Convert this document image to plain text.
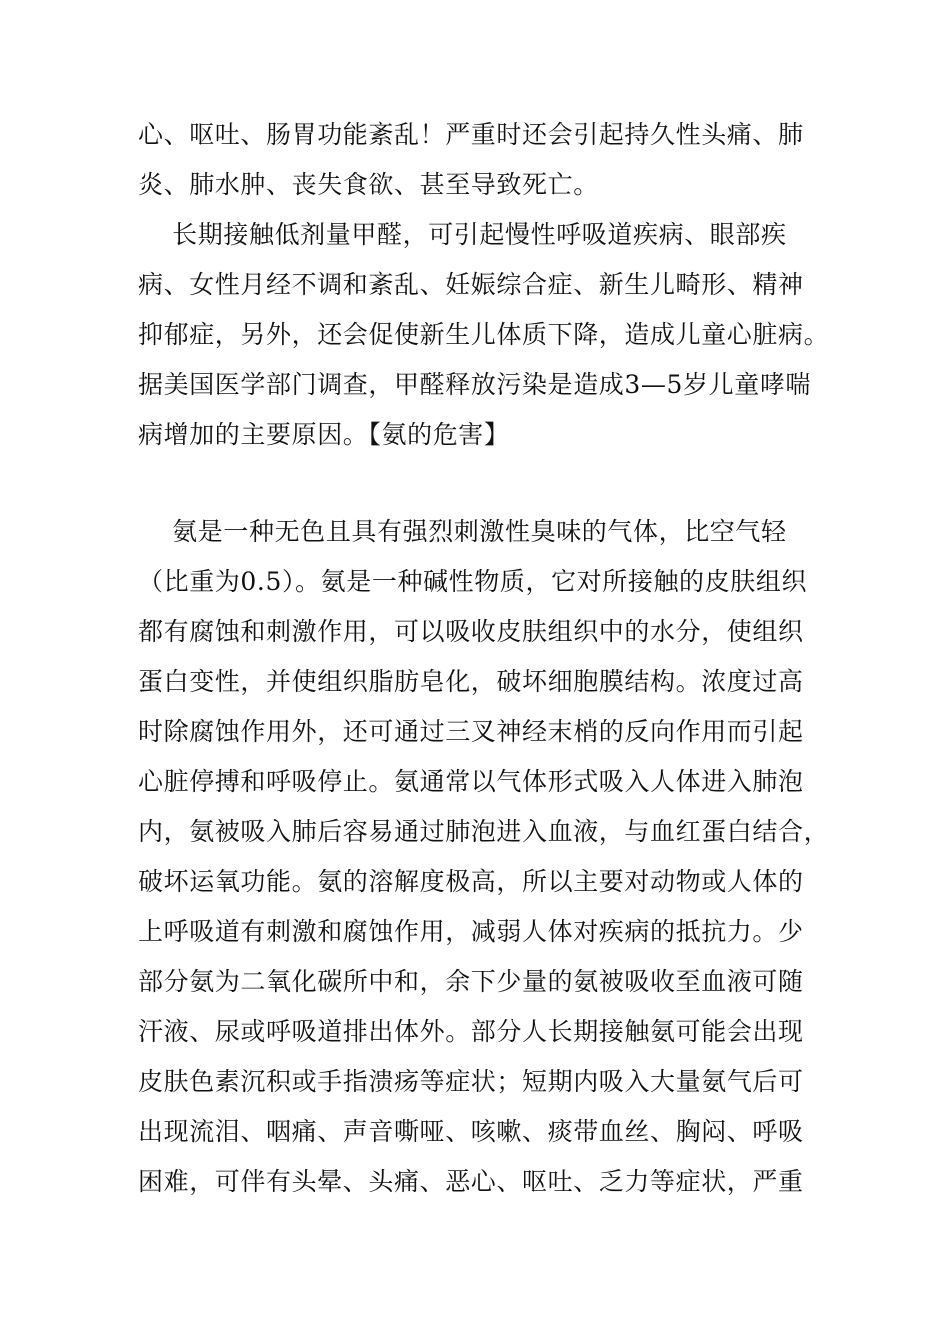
心、呕吐、肠胃功能紊乱！严重时还会引起持久性头痛、肺
炎、肺水肿、丧失食欲、甚至导致死亡。
长期接触低剂量甲醛，可引起慢性呼吸道疾病、眼部疾
病、女性月经不调和紊乱、妊娠综合症、新生儿畸形、精神
抑郁症，另外，还会促使新生儿体质下降，造成儿童心脏病。
据美国医学部门调查，甲醛释放污染是造成3—5岁儿童哮喘
病增加的主要原因。【氨的危害】
氨是一种无色且具有强烈刺激性臭味的气体，比空气轻
（比重为0.5）。氨是一种碱性物质，它对所接触的皮肤组织
都有腐蚀和刺激作用，可以吸收皮肤组织中的水分，使组织
蛋白变性，并使组织脂肪皂化，破坏细胞膜结构。浓度过高
时除腐蚀作用外，还可通过三叉神经末梢的反向作用而引起
心脏停搏和呼吸停止。氨通常以气体形式吸入人体进入肺泡
内，氨被吸入肺后容易通过肺泡进入血液，与血红蛋白结合，
破坏运氧功能。氨的溶解度极高，所以主要对动物或人体的
上呼吸道有刺激和腐蚀作用，减弱人体对疾病的抵抗力。少
部分氨为二氧化碳所中和，余下少量的氨被吸收至血液可随
汗液、尿或呼吸道排出体外。部分人长期接触氨可能会出现
皮肤色素沉积或手指溃疡等症状；短期内吸入大量氨气后可
出现流泪、咽痛、声音嘶哑、咳嗽、痰带血丝、胸闷、呼吸
困难，可伴有头晕、头痛、恶心、呕吐、乏力等症状，严重
